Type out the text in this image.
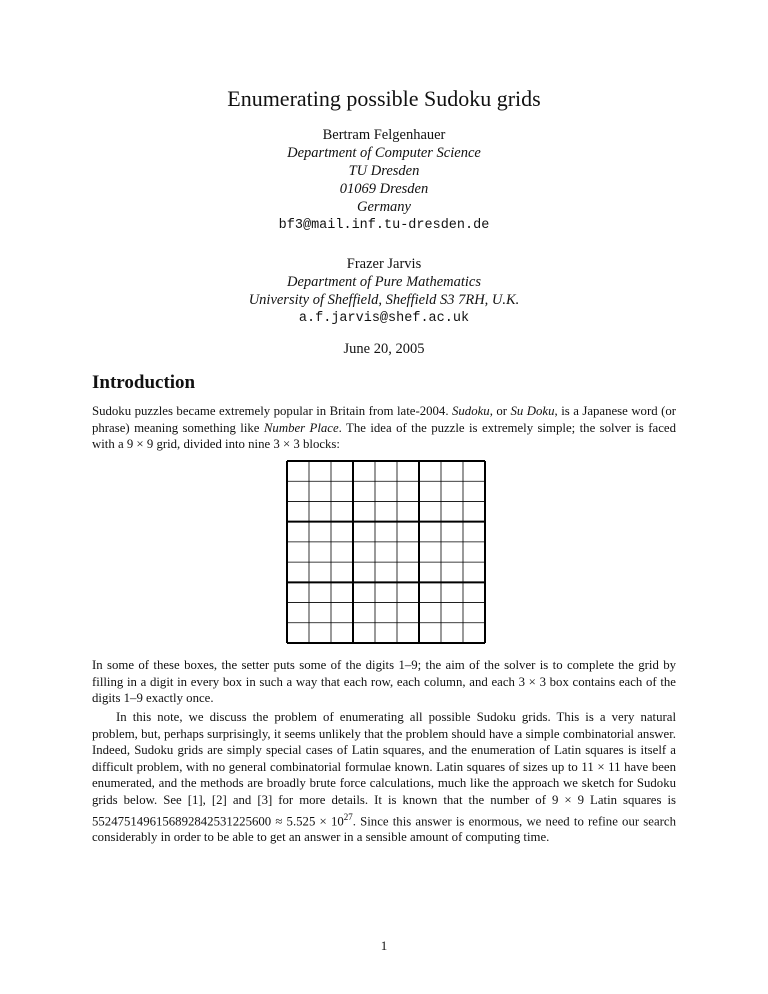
Enumerating possible Sudoku grids
Bertram Felgenhauer
Department of Computer Science
TU Dresden
01069 Dresden
Germany
bf3@mail.inf.tu-dresden.de
Frazer Jarvis
Department of Pure Mathematics
University of Sheffield, Sheffield S3 7RH, U.K.
a.f.jarvis@shef.ac.uk
June 20, 2005
Introduction

Sudoku puzzles became extremely popular in Britain from late-2004. Sudoku, or Su Doku, is a Japanese word (or phrase) meaning something like Number Place. The idea of the puzzle is extremely simple; the solver is faced with a 9 × 9 grid, divided into nine 3 × 3 blocks:

In some of these boxes, the setter puts some of the digits 1–9; the aim of the solver is to complete the grid by filling in a digit in every box in such a way that each row, each column, and each 3 × 3 box contains each of the digits 1–9 exactly once.

In this note, we discuss the problem of enumerating all possible Sudoku grids. This is a very natural problem, but, perhaps surprisingly, it seems unlikely that the problem should have a simple combinatorial answer. Indeed, Sudoku grids are simply special cases of Latin squares, and the enumeration of Latin squares is itself a difficult problem, with no general combinatorial formulae known. Latin squares of sizes up to 11 × 11 have been enumerated, and the methods are broadly brute force calculations, much like the approach we sketch for Sudoku grids below. See [1], [2] and [3] for more details. It is known that the number of 9 × 9 Latin squares is $5524751496156892842531225600 \approx 5.525 \times 10^{27}$. Since this answer is enormous, we need to refine our search considerably in order to be able to get an answer in a sensible amount of computing time.

1
